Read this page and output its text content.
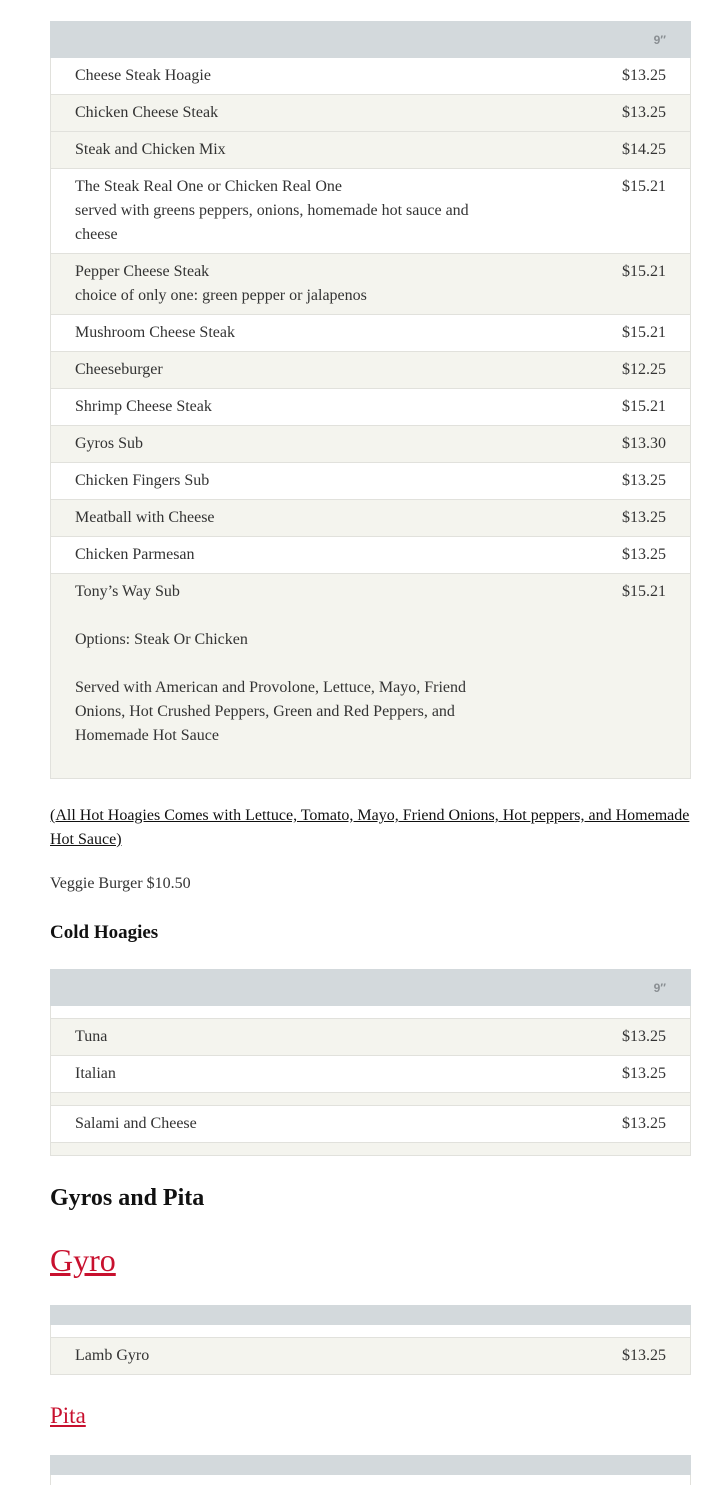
	9″
Cheese Steak Hoagie	$13.25
Chicken Cheese Steak	$13.25
Steak and Chicken Mix	$14.25

The Steak Real One or Chicken Real One
served with greens peppers, onions, homemade hot sauce and cheese	$15.21

Pepper Cheese Steak
choice of only one: green pepper or jalapenos	$15.21
Mushroom Cheese Steak	$15.21
Cheeseburger	$12.25
Shrimp Cheese Steak	$15.21
Gyros Sub	$13.30
Chicken Fingers Sub	$13.25
Meatball with Cheese	$13.25
Chicken Parmesan	$13.25

Tony’s Way Sub
Options: Steak Or Chicken
Served with American and Provolone, Lettuce, Mayo, Friend Onions, Hot Crushed Peppers, Green and Red Peppers, and Homemade Hot Sauce	$15.21

(All Hot Hoagies Comes with Lettuce, Tomato, Mayo, Friend Onions, Hot peppers, and Homemade Hot Sauce)

Veggie Burger $10.50

Cold Hoagies
	9″

Tuna	$13.25
Italian	$13.25

Salami and Cheese	$13.25

Gyros and Pita
Gyro

Lamb Gyro	$13.25
Pita
